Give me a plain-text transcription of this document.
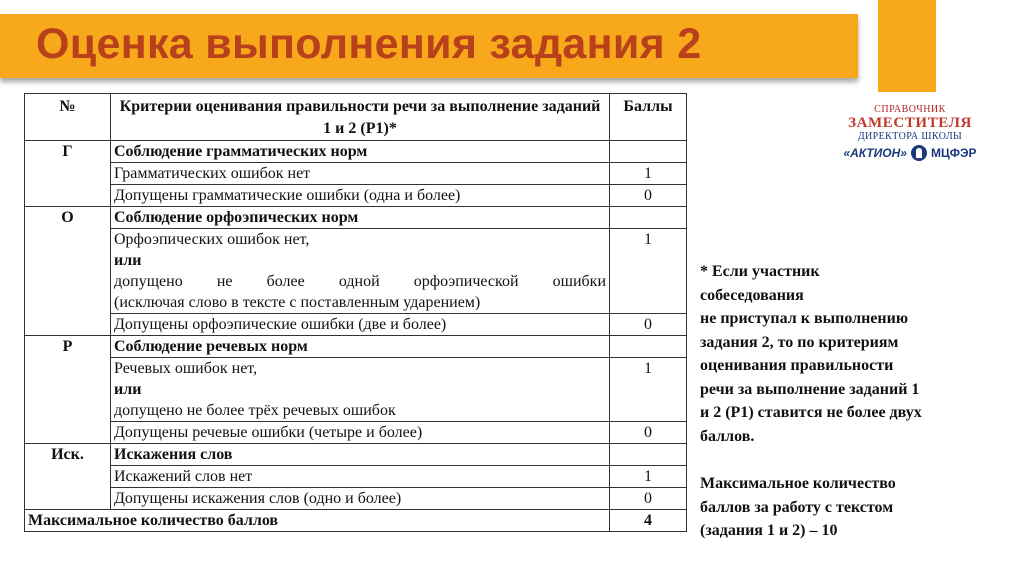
Оценка выполнения задания 2
СПРАВОЧНИК
ЗАМЕСТИТЕЛЯ
ДИРЕКТОРА ШКОЛЫ
«АКТИОН» МЦФЭР
№	Критерии оценивания правильности речи за выполнение заданий 1 и 2 (Р1)*	Баллы
Г	Соблюдение грамматических норм	
	Грамматических ошибок нет	1
	Допущены грамматические ошибки (одна и более)	0
О	Соблюдение орфоэпических норм	

	Орфоэпических ошибок нет,
или
допущено не более одной орфоэпической ошибки
(исключая слово в тексте с поставленным ударением)	1
	Допущены орфоэпические ошибки (две и более)	0
Р	Соблюдение речевых норм	

	Речевых ошибок нет,
или
допущено не более трёх речевых ошибок	1
	Допущены речевые ошибки (четыре и более)	0
Иск.	Искажения слов	
	Искажений слов нет	1
	Допущены искажения слов (одно и более)	0
Максимальное количество баллов		4
* Если участник
собеседования
не приступал к выполнению
задания 2, то по критериям
оценивания правильности
речи за выполнение заданий 1
и 2 (Р1) ставится не более двух
баллов.
Максимальное количество
баллов за работу с текстом
(задания 1 и 2) – 10
